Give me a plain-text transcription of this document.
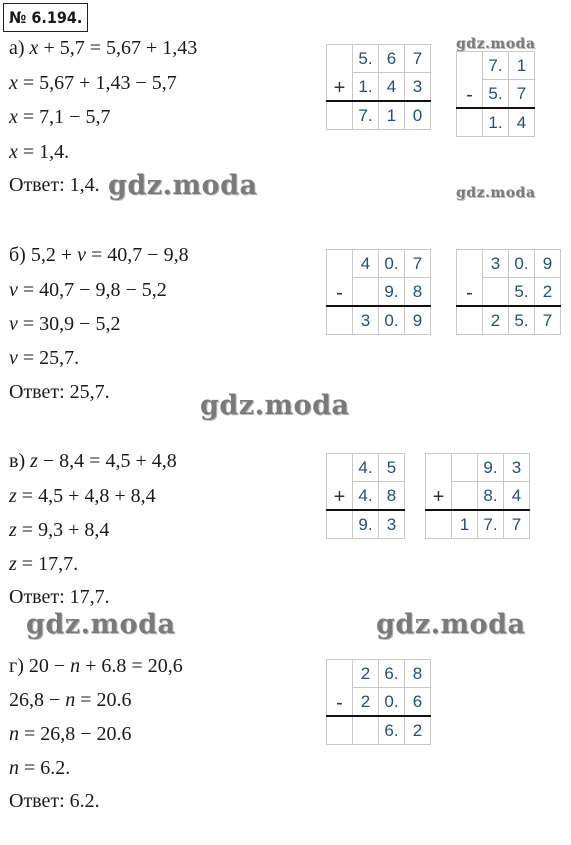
№ 6.194.
а) x + 5,7 = 5,67 + 1,43
x = 5,67 + 1,43 − 5,7
x = 7,1 − 5,7
x = 1,4.
Ответ: 1,4.
+	5.	6	7
	1.	4	3
	7.	1	0
-	7.	1
	5.	7
	1.	4
б) 5,2 + v = 40,7 − 9,8
v = 40,7 − 9,8 − 5,2
v = 30,9 − 5,2
v = 25,7.
Ответ: 25,7.
-	4	0.	7
		9.	8
	3	0.	9
-	3	0.	9
		5.	2
	2	5.	7
в) z − 8,4 = 4,5 + 4,8
z = 4,5 + 4,8 + 8,4
z = 9,3 + 8,4
z = 17,7.
Ответ: 17,7.
+	4.	5
	4.	8
	9.	3
+		9.	3
		8.	4
	1	7.	7
г) 20 − n + 6.8 = 20,6
26,8 − n = 20.6
n = 26,8 − 20.6
n = 6.2.
Ответ: 6.2.
-	2	6.	8
	2	0.	6
		6.	2
gdz.moda
gdz.moda	gdz.moda
gdz.moda
gdz.moda	gdz.moda
